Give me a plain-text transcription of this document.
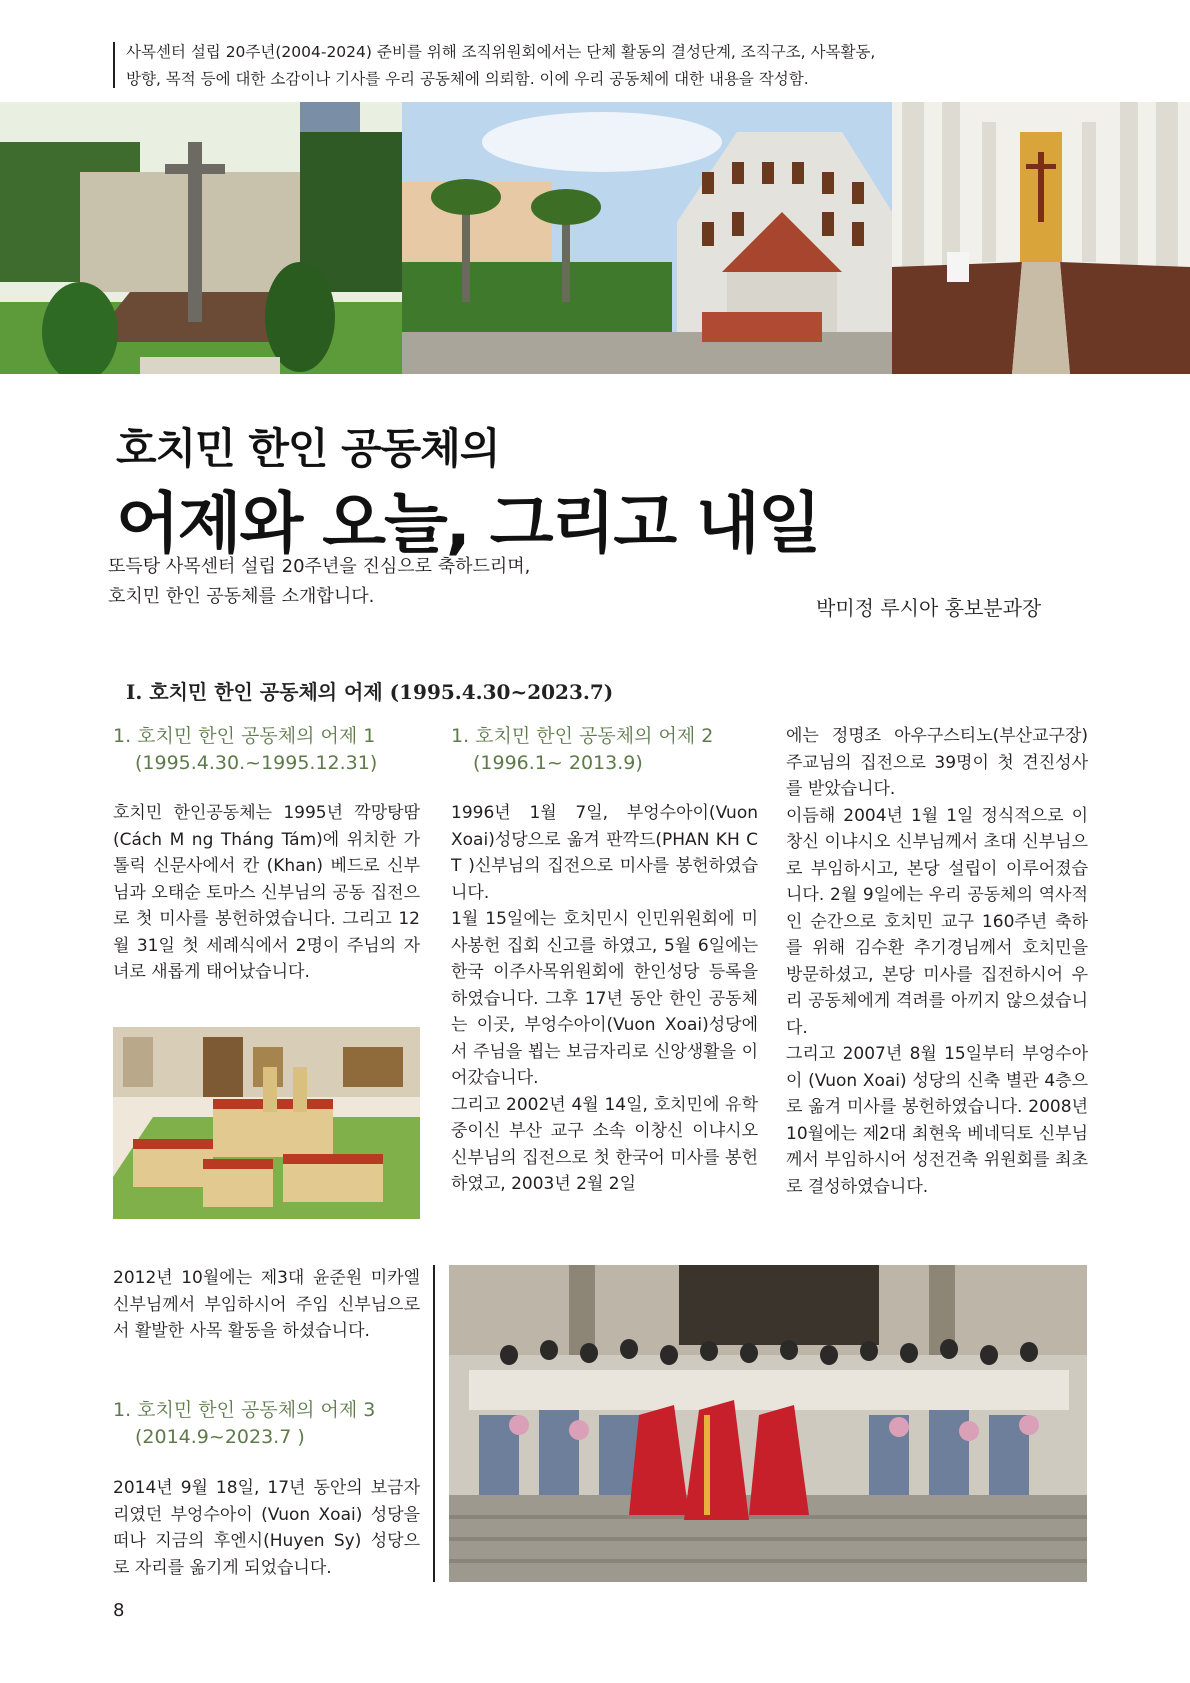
사목센터 설립 20주년(2004-2024) 준비를 위해 조직위원회에서는 단체 활동의 결성단계, 조직구조, 사목활동,
방향, 목적 등에 대한 소감이나 기사를 우리 공동체에 의뢰함. 이에 우리 공동체에 대한 내용을 작성함.
호치민 한인 공동체의
어제와 오늘, 그리고 내일
또득탕 사목센터 설립 20주년을 진심으로 축하드리며,
호치민 한인 공동체를 소개합니다.	박미정 루시아 홍보분과장
Ⅰ. 호치민 한인 공동체의 어제 (1995.4.30~2023.7)
1. 호치민 한인 공동체의 어제 1
(1995.4.30.~1995.12.31)

호치민 한인공동체는 1995년 깍망탕땀(Cách M ng Tháng Tám)에 위치한 가톨릭 신문사에서 칸 (Khan) 베드로 신부님과 오태순 토마스 신부님의 공동 집전으로 첫 미사를 봉헌하였습니다. 그리고 12월 31일 첫 세례식에서 2명이 주님의 자녀로 새롭게 태어났습니다.

1. 호치민 한인 공동체의 어제 2
(1996.1~ 2013.9)

1996년 1월 7일, 부엉수아이(Vuon Xoai)성당으로 옮겨 판깍드(PHAN KH C T )신부님의 집전으로 미사를 봉헌하였습니다.

1월 15일에는 호치민시 인민위원회에 미사봉헌 집회 신고를 하였고, 5월 6일에는 한국 이주사목위원회에 한인성당 등록을 하였습니다. 그후 17년 동안 한인 공동체는 이곳, 부엉수아이(Vuon Xoai)성당에서 주님을 뵙는 보금자리로 신앙생활을 이어갔습니다.

그리고 2002년 4월 14일, 호치민에 유학 중이신 부산 교구 소속 이창신 이냐시오 신부님의 집전으로 첫 한국어 미사를 봉헌하였고, 2003년 2월 2일

에는 정명조 아우구스티노(부산교구장) 주교님의 집전으로 39명이 첫 견진성사를 받았습니다.

이듬해 2004년 1월 1일 정식적으로 이창신 이냐시오 신부님께서 초대 신부님으로 부임하시고, 본당 설립이 이루어졌습니다. 2월 9일에는 우리 공동체의 역사적인 순간으로 호치민 교구 160주년 축하를 위해 김수환 추기경님께서 호치민을 방문하셨고, 본당 미사를 집전하시어 우리 공동체에게 격려를 아끼지 않으셨습니다.

그리고 2007년 8월 15일부터 부엉수아이 (Vuon Xoai) 성당의 신축 별관 4층으로 옮겨 미사를 봉헌하였습니다. 2008년 10월에는 제2대 최현욱 베네딕토 신부님께서 부임하시어 성전건축 위원회를 최초로 결성하였습니다.

2012년 10월에는 제3대 윤준원 미카엘 신부님께서 부임하시어 주임 신부님으로서 활발한 사목 활동을 하셨습니다.

1. 호치민 한인 공동체의 어제 3
(2014.9~2023.7 )

2014년 9월 18일, 17년 동안의 보금자리였던 부엉수아이 (Vuon Xoai) 성당을 떠나 지금의 후엔시(Huyen Sy) 성당으로 자리를 옮기게 되었습니다.

8
